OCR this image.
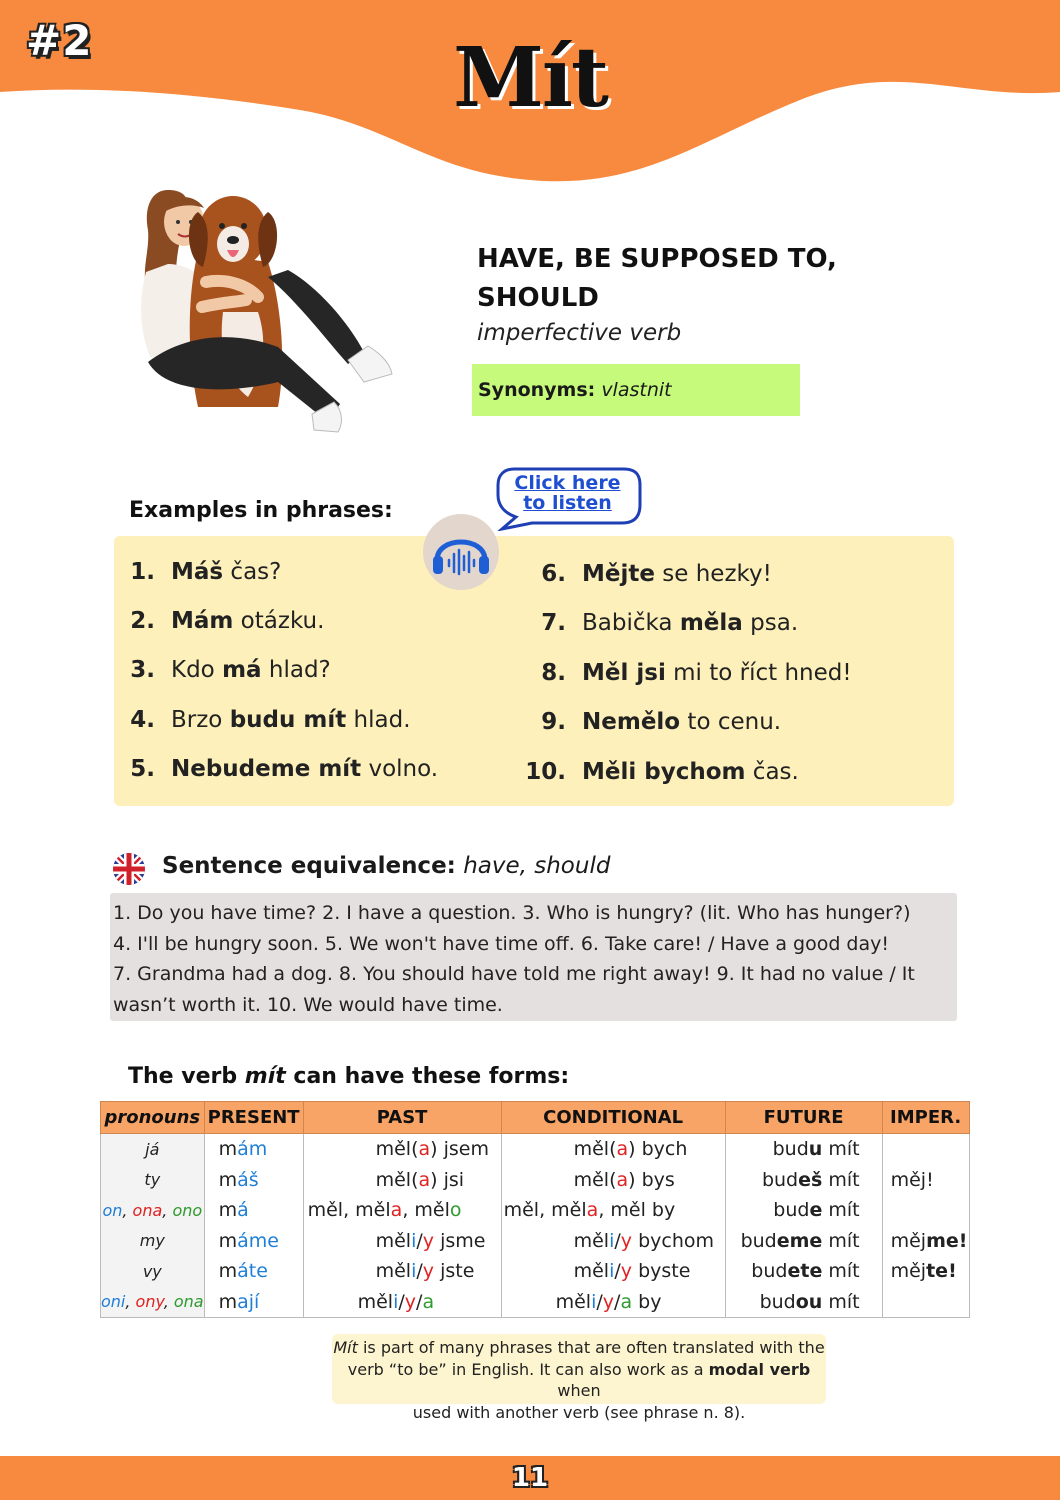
#2	Mít
HAVE, BE SUPPOSED TO,
SHOULD
imperfective verb
Synonyms: vlastnit
Examples in phrases:
Click here
to listen
1. Máš čas?
2. Mám otázku.
3. Kdo má hlad?
4. Brzo budu mít hlad.
5. Nebudeme mít volno.
6. Mějte se hezky!
7. Babička měla psa.
8. Měl jsi mi to říct hned!
9. Nemělo to cenu.
10. Měli bychom čas.
Sentence equivalence: have, should
1. Do you have time? 2. I have a question. 3. Who is hungry? (lit. Who has hunger?)
4. I'll be hungry soon. 5. We won't have time off. 6. Take care! / Have a good day!
7. Grandma had a dog. 8. You should have told me right away! 9. It had no value / It
wasn’t worth it. 10. We would have time.
The verb mít can have these forms:
pronouns	PRESENT	PAST	CONDITIONAL	FUTURE	IMPER.
já	mám	měl(a) jsem	měl(a) bych	budu mít	
ty	máš	měl(a) jsi	měl(a) bys	budeš mít	měj!
on, ona, ono	má	měl, měla, mělo	měl, měla, měl by	bude mít	
my	máme	měli/y jsme	měli/y bychom	budeme mít	mějme!
vy	máte	měli/y jste	měli/y byste	budete mít	mějte!
oni, ony, ona	mají	měli/y/a	měli/y/a by	budou mít	
Mít is part of many phrases that are often translated with the
verb “to be” in English. It can also work as a modal verb when
used with another verb (see phrase n. 8).
11
